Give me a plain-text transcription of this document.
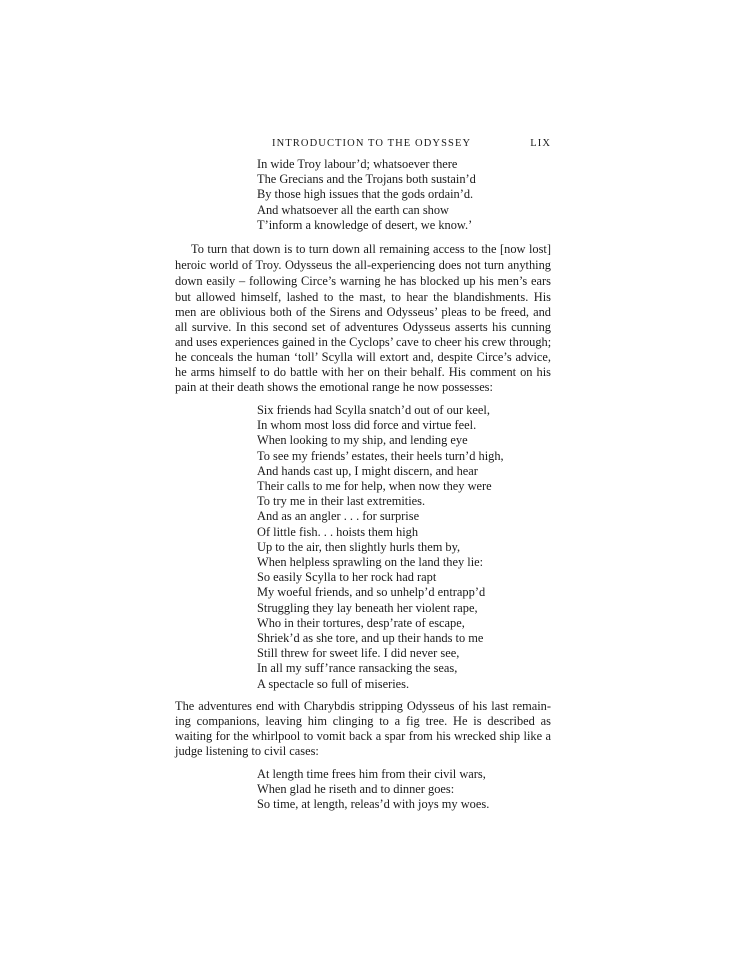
INTRODUCTION TO THE ODYSSEY	LIX
In wide Troy labour’d; whatsoever there
The Grecians and the Trojans both sustain’d
By those high issues that the gods ordain’d.
And whatsoever all the earth can show
T’inform a knowledge of desert, we know.’
To turn that down is to turn down all remaining access to the [now lost]
heroic world of Troy. Odysseus the all-experiencing does not turn anything
down easily – following Circe’s warning he has blocked up his men’s ears
but allowed himself, lashed to the mast, to hear the blandishments. His
men are oblivious both of the Sirens and Odysseus’ pleas to be freed, and
all survive. In this second set of adventures Odysseus asserts his cunning
and uses experiences gained in the Cyclops’ cave to cheer his crew through;
he conceals the human ‘toll’ Scylla will extort and, despite Circe’s advice,
he arms himself to do battle with her on their behalf. His comment on his
pain at their death shows the emotional range he now possesses:
Six friends had Scylla snatch’d out of our keel,
In whom most loss did force and virtue feel.
When looking to my ship, and lending eye
To see my friends’ estates, their heels turn’d high,
And hands cast up, I might discern, and hear
Their calls to me for help, when now they were
To try me in their last extremities.
And as an angler . . . for surprise
Of little fish. . . hoists them high
Up to the air, then slightly hurls them by,
When helpless sprawling on the land they lie:
So easily Scylla to her rock had rapt
My woeful friends, and so unhelp’d entrapp’d
Struggling they lay beneath her violent rape,
Who in their tortures, desp’rate of escape,
Shriek’d as she tore, and up their hands to me
Still threw for sweet life. I did never see,
In all my suff’rance ransacking the seas,
A spectacle so full of miseries.
The adventures end with Charybdis stripping Odysseus of his last remain-
ing companions, leaving him clinging to a fig tree. He is described as
waiting for the whirlpool to vomit back a spar from his wrecked ship like a
judge listening to civil cases:
At length time frees him from their civil wars,
When glad he riseth and to dinner goes:
So time, at length, releas’d with joys my woes.
